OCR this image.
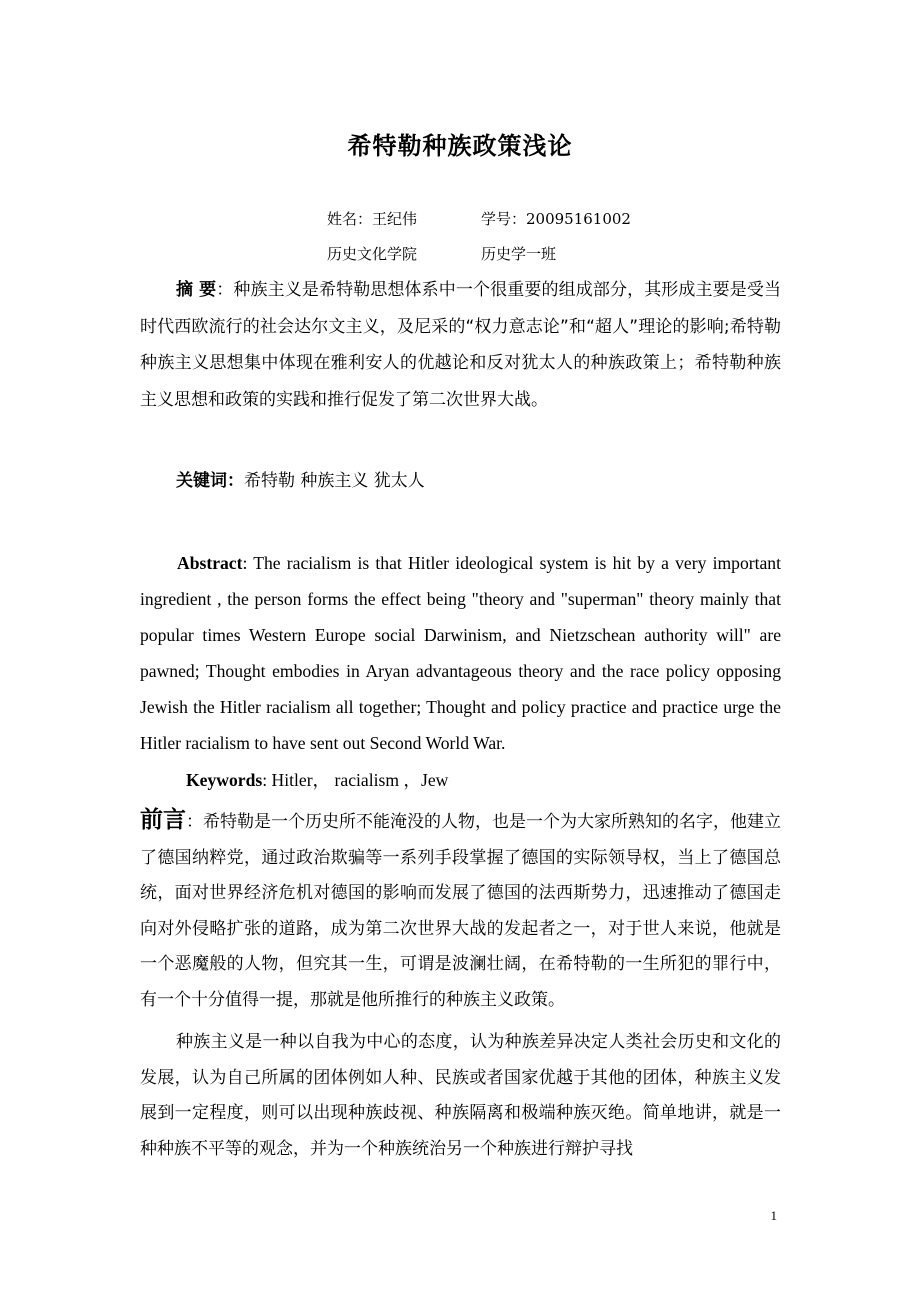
希特勒种族政策浅论
姓名：王纪伟	学号：20095161002
历史文化学院	历史学一班
摘 要：种族主义是希特勒思想体系中一个很重要的组成部分，其形成主要是受当时代西欧流行的社会达尔文主义，及尼采的“权力意志论”和“超人”理论的影响;希特勒种族主义思想集中体现在雅利安人的优越论和反对犹太人的种族政策上；希特勒种族主义思想和政策的实践和推行促发了第二次世界大战。
关键词：希特勒 种族主义 犹太人
Abstract: The racialism is that Hitler ideological system is hit by a very important ingredient , the person forms the effect being "theory and "superman" theory mainly that popular times Western Europe social Darwinism, and Nietzschean authority will" are pawned; Thought embodies in Aryan advantageous theory and the race policy opposing Jewish the Hitler racialism all together; Thought and policy practice and practice urge the Hitler racialism to have sent out Second World War.
Keywords: Hitler， racialism ，Jew
前言：希特勒是一个历史所不能淹没的人物，也是一个为大家所熟知的名字，他建立了德国纳粹党，通过政治欺骗等一系列手段掌握了德国的实际领导权，当上了德国总统，面对世界经济危机对德国的影响而发展了德国的法西斯势力，迅速推动了德国走向对外侵略扩张的道路，成为第二次世界大战的发起者之一，对于世人来说，他就是一个恶魔般的人物，但究其一生，可谓是波澜壮阔，在希特勒的一生所犯的罪行中，有一个十分值得一提，那就是他所推行的种族主义政策。
种族主义是一种以自我为中心的态度，认为种族差异决定人类社会历史和文化的发展，认为自己所属的团体例如人种、民族或者国家优越于其他的团体，种族主义发展到一定程度，则可以出现种族歧视、种族隔离和极端种族灭绝。简单地讲，就是一种种族不平等的观念，并为一个种族统治另一个种族进行辩护寻找
1
